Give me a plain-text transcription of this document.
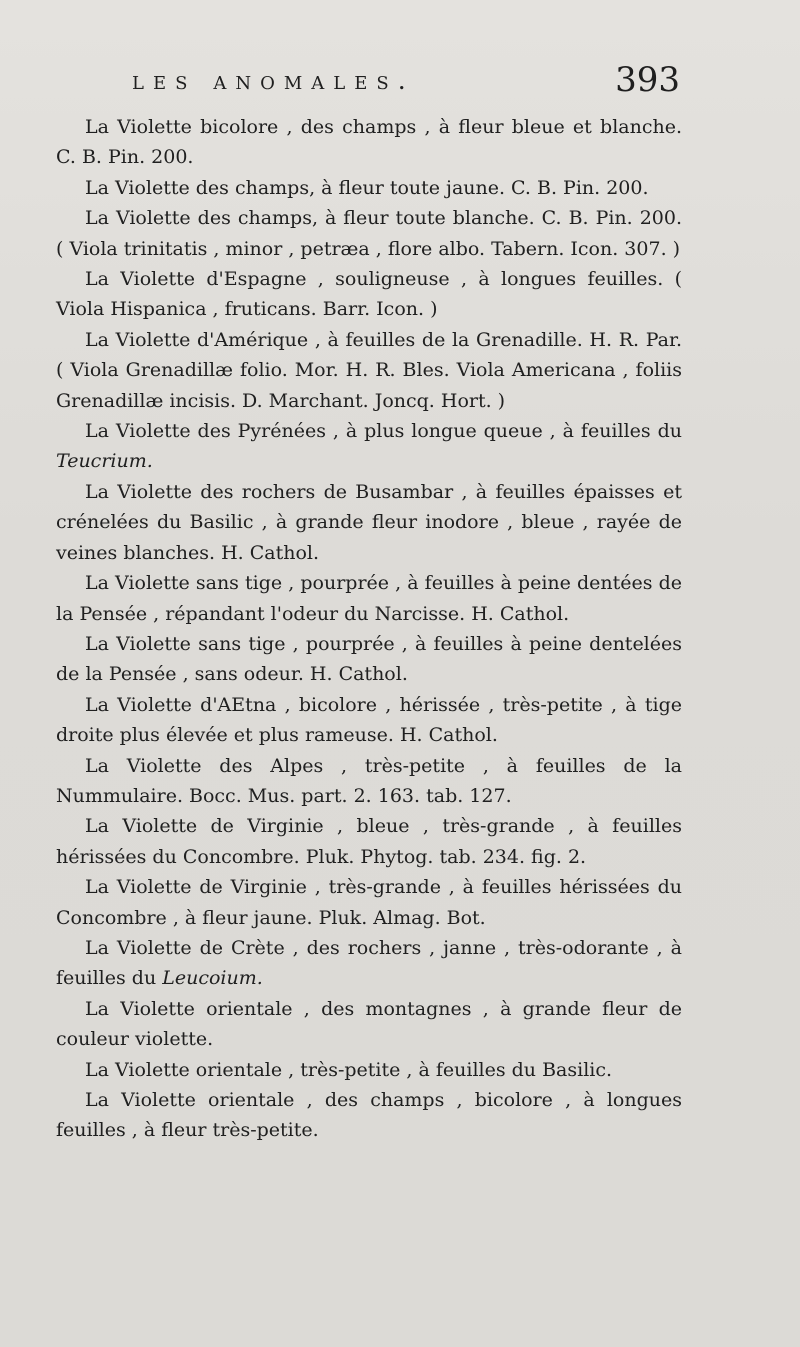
les anomales.	393

La Violette bicolore , des champs , à fleur bleue et blanche. C. B. Pin. 200.

La Violette des champs, à fleur toute jaune. C. B. Pin. 200.

La Violette des champs, à fleur toute blanche. C. B. Pin. 200. ( Viola trinitatis , minor , petræa , flore albo. Tabern. Icon. 307. )

La Violette d'Espagne , souligneuse , à longues feuilles. ( Viola Hispanica , fruticans. Barr. Icon. )

La Violette d'Amérique , à feuilles de la Grenadille. H. R. Par. ( Viola Grenadillæ folio. Mor. H. R. Bles. Viola Americana , foliis Grenadillæ incisis. D. Marchant. Joncq. Hort. )

La Violette des Pyrénées , à plus longue queue , à feuilles du Teucrium.

La Violette des rochers de Busambar , à feuilles épaisses et crénelées du Basilic , à grande fleur inodore , bleue , rayée de veines blanches. H. Cathol.

La Violette sans tige , pourprée , à feuilles à peine dentées de la Pensée , répandant l'odeur du Narcisse. H. Cathol.

La Violette sans tige , pourprée , à feuilles à peine dentelées de la Pensée , sans odeur. H. Cathol.

La Violette d'AEtna , bicolore , hérissée , très-petite , à tige droite plus élevée et plus rameuse. H. Cathol.

La Violette des Alpes , très-petite , à feuilles de la Nummulaire. Bocc. Mus. part. 2. 163. tab. 127.

La Violette de Virginie , bleue , très-grande , à feuilles hérissées du Concombre. Pluk. Phytog. tab. 234. fig. 2.

La Violette de Virginie , très-grande , à feuilles hérissées du Concombre , à fleur jaune. Pluk. Almag. Bot.

La Violette de Crète , des rochers , janne , très-odorante , à feuilles du Leucoium.

La Violette orientale , des montagnes , à grande fleur de couleur violette.

La Violette orientale , très-petite , à feuilles du Basilic.

La Violette orientale , des champs , bicolore , à longues feuilles , à fleur très-petite.
